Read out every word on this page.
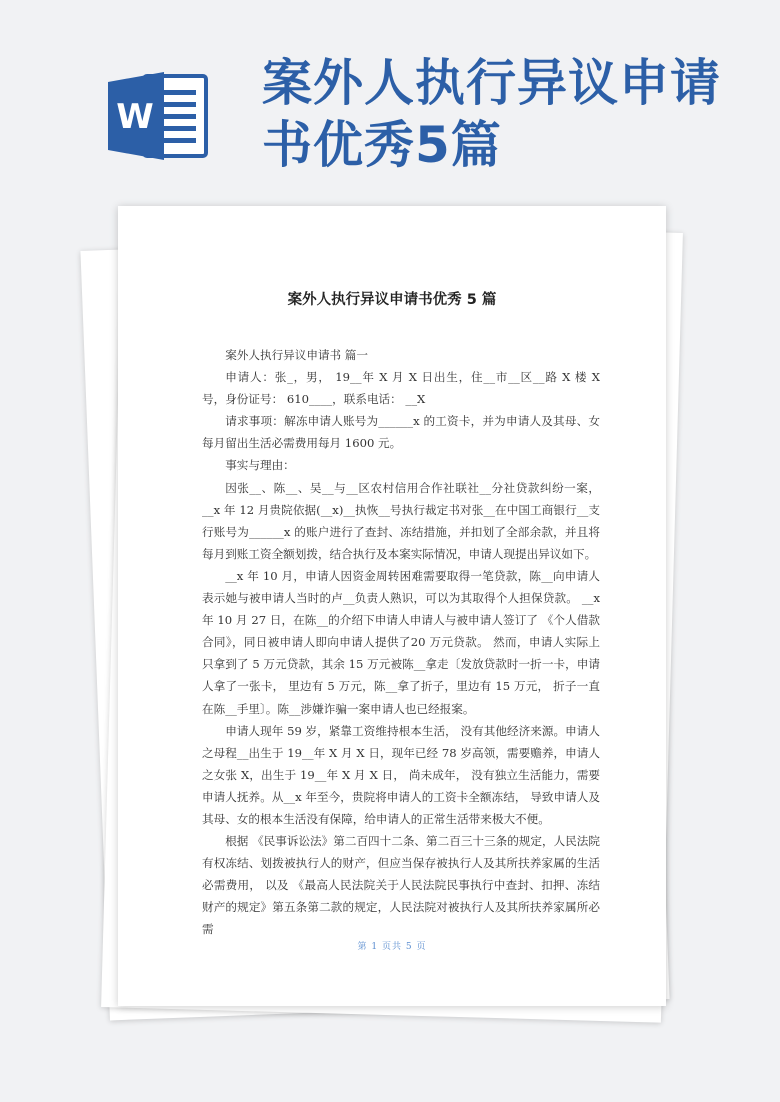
W
案外人执行异议申请书优秀5篇
案外人执行异议申请书优秀 5 篇

案外人执行异议申请书 篇一

申请人：张_，男， 19__年 X 月 X 日出生，住__市__区__路 X 楼 X 号，身份证号： 610____，联系电话： __X

请求事项：解冻申请人账号为______x 的工资卡，并为申请人及其母、女每月留出生活必需费用每月 1600 元。

事实与理由：

因张__、陈__、吴__与__区农村信用合作社联社__分社贷款纠纷一案， __x 年 12 月贵院依据(__x)__执恢__号执行裁定书对张__在中国工商银行__支行账号为______x 的账户进行了查封、冻结措施，并扣划了全部余款，并且将每月到账工资全额划拨，结合执行及本案实际情况，申请人现提出异议如下。

__x 年 10 月，申请人因资金周转困难需要取得一笔贷款，陈__向申请人表示她与被申请人当时的卢__负责人熟识，可以为其取得个人担保贷款。 __x 年 10 月 27 日，在陈__的介绍下申请人申请人与被申请人签订了 《个人借款合同》，同日被申请人即向申请人提供了20 万元贷款。 然而，申请人实际上只拿到了 5 万元贷款，其余 15 万元被陈__拿走〔发放贷款时一折一卡，申请人拿了一张卡， 里边有 5 万元，陈__拿了折子，里边有 15 万元， 折子一直在陈__手里〕。陈__涉嫌诈骗一案申请人也已经报案。

申请人现年 59 岁，紧靠工资维持根本生活， 没有其他经济来源。申请人之母程__出生于 19__年 X 月 X 日，现年已经 78 岁高领，需要赡养，申请人之女张 X，出生于 19__年 X 月 X 日， 尚未成年， 没有独立生活能力，需要申请人抚养。从__x 年至今，贵院将申请人的工资卡全额冻结， 导致申请人及其母、女的根本生活没有保障，给申请人的正常生活带来极大不便。

根据 《民事诉讼法》第二百四十二条、第二百三十三条的规定，人民法院有权冻结、划拨被执行人的财产，但应当保存被执行人及其所扶养家属的生活必需费用， 以及 《最高人民法院关于人民法院民事执行中查封、扣押、冻结财产的规定》第五条第二款的规定，人民法院对被执行人及其所扶养家属所必需

第 1 页共 5 页
